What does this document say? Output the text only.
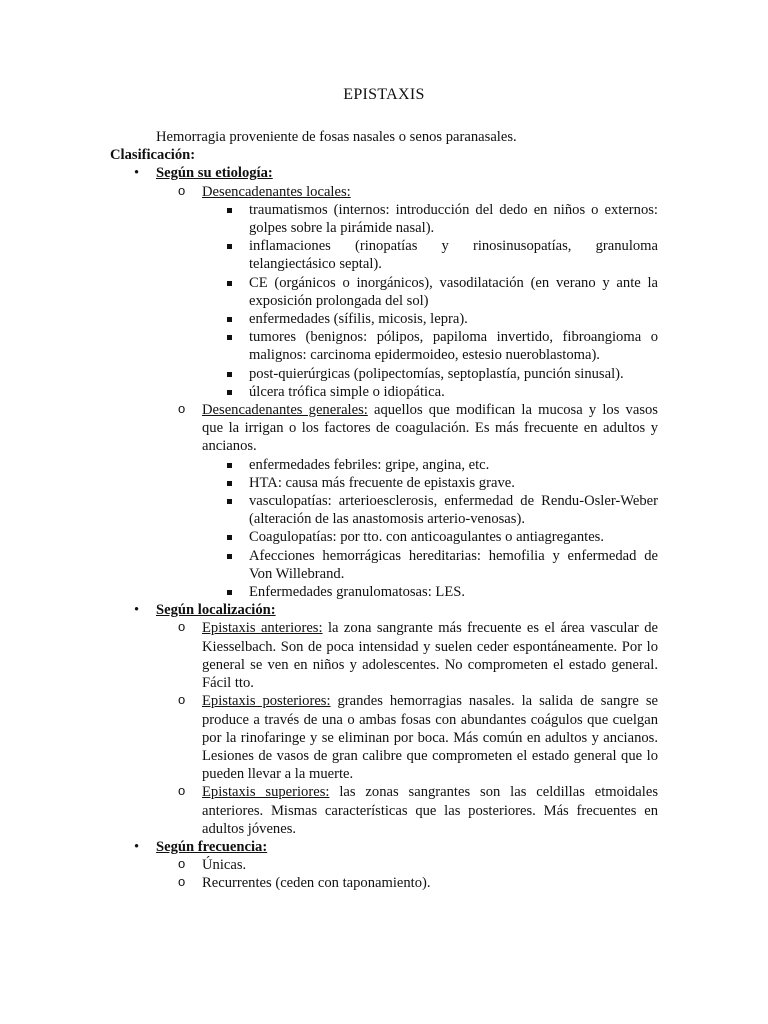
EPISTAXIS
Hemorragia proveniente de fosas nasales o senos paranasales.
Clasificación:
• Según su etiología:
o Desencadenantes locales:
traumatismos (internos: introducción del dedo en niños o externos: golpes sobre la pirámide nasal).
inflamaciones (rinopatías y rinosinusopatías, granuloma telangiectásico septal).
CE (orgánicos o inorgánicos), vasodilatación (en verano y ante la exposición prolongada del sol)
enfermedades (sífilis, micosis, lepra).
tumores (benignos: pólipos, papiloma invertido, fibroangioma o malignos: carcinoma epidermoideo, estesio nueroblastoma).
post-quierúrgicas (polipectomías, septoplastía, punción sinusal).
úlcera trófica simple o idiopática.
o Desencadenantes generales: aquellos que modifican la mucosa y los vasos que la irrigan o los factores de coagulación. Es más frecuente en adultos y ancianos.
enfermedades febriles: gripe, angina, etc.
HTA: causa más frecuente de epistaxis grave.
vasculopatías: arterioesclerosis, enfermedad de Rendu-Osler-Weber (alteración de las anastomosis arterio-venosas).
Coagulopatías: por tto. con anticoagulantes o antiagregantes.
Afecciones hemorrágicas hereditarias: hemofilia y enfermedad de Von Willebrand.
Enfermedades granulomatosas: LES.
• Según localización:
o Epistaxis anteriores: la zona sangrante más frecuente es el área vascular de Kiesselbach. Son de poca intensidad y suelen ceder espontáneamente. Por lo general se ven en niños y adolescentes. No comprometen el estado general. Fácil tto.
o Epistaxis posteriores: grandes hemorragias nasales. la salida de sangre se produce a través de una o ambas fosas con abundantes coágulos que cuelgan por la rinofaringe y se eliminan por boca. Más común en adultos y ancianos. Lesiones de vasos de gran calibre que comprometen el estado general que lo pueden llevar a la muerte.
o Epistaxis superiores: las zonas sangrantes son las celdillas etmoidales anteriores. Mismas características que las posteriores. Más frecuentes en adultos jóvenes.
• Según frecuencia:
o Únicas.
o Recurrentes (ceden con taponamiento).
